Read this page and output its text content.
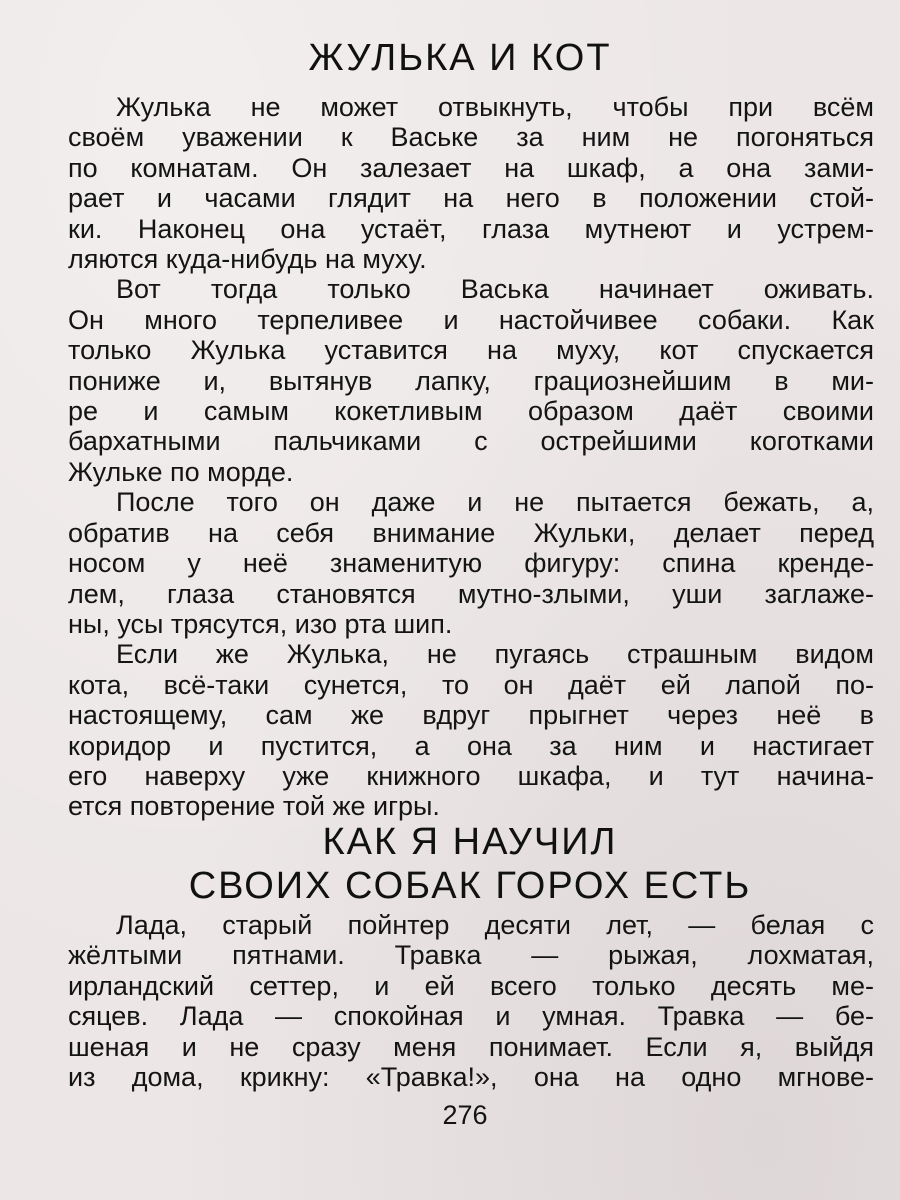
ЖУЛЬКА И КОТ

Жулька не может отвыкнуть, чтобы при всём
своём уважении к Ваське за ним не погоняться
по комнатам. Он залезает на шкаф, а она зами-
рает и часами глядит на него в положении стой-
ки. Наконец она устаёт, глаза мутнеют и устрем-
ляются куда-нибудь на муху.

Вот тогда только Васька начинает оживать.
Он много терпеливее и настойчивее собаки. Как
только Жулька уставится на муху, кот спускается
пониже и, вытянув лапку, грациознейшим в ми-
ре и самым кокетливым образом даёт своими
бархатными пальчиками с острейшими коготками
Жульке по морде.

После того он даже и не пытается бежать, а,
обратив на себя внимание Жульки, делает перед
носом у неё знаменитую фигуру: спина кренде-
лем, глаза становятся мутно-злыми, уши заглаже-
ны, усы трясутся, изо рта шип.

Если же Жулька, не пугаясь страшным видом
кота, всё-таки сунется, то он даёт ей лапой по-
настоящему, сам же вдруг прыгнет через неё в
коридор и пустится, а она за ним и настигает
его наверху уже книжного шкафа, и тут начина-
ется повторение той же игры.

КАК Я НАУЧИЛ
СВОИХ СОБАК ГОРОХ ЕСТЬ

Лада, старый пойнтер десяти лет, — белая с
жёлтыми пятнами. Травка — рыжая, лохматая,
ирландский сеттер, и ей всего только десять ме-
сяцев. Лада — спокойная и умная. Травка — бе-
шеная и не сразу меня понимает. Если я, выйдя
из дома, крикну: «Травка!», она на одно мгнове-

276
